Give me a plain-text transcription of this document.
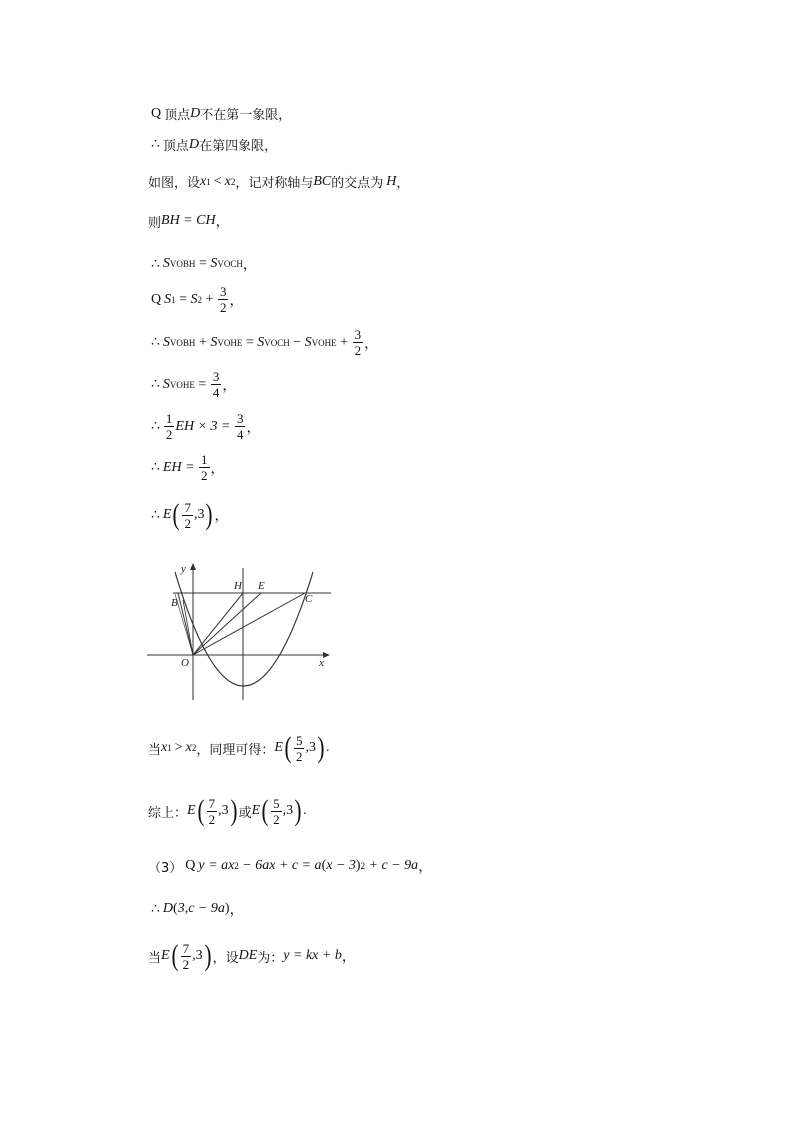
Q 顶点 D 不在第一象限，
∴ 顶点 D 在第四象限，
如图，设 x 1 < x 2 ，记对称轴与 BC 的交点为 H ，
则 BH = CH ，
∴ S VOBH = S VOCH ，
Q S 1 = S $2 + \frac{3}{2}$ ，
∴ S VOBH + S VOHE = S VOCH − S VOHE + $\frac{3}{2}$ ，
∴ S VOHE = $\frac{3}{4}$ ，
∴ $\frac{1}{2}$ EH × $3 = \frac{3}{4}$ ，
∴ EH = $\frac{1}{2}$ ，
∴ E ( $\frac{7}{2} ,3$ ) ，
y
x
O
B
H E
C
当 x 1 > x 2 ，同理可得： E ( $\frac{5}{2} ,3$ ) .
综上： E ( $\frac{7}{2} ,3$ ) 或 E ( $\frac{5}{2} ,3$ ) .
（3） Q y = ax 2 − 6ax + c = a ( x − 3 ) 2 + c − 9a ，
∴ D ( 3,c − 9a ) ，
当 E ( $\frac{7}{2} ,3$ ) ，设 DE 为： y = kx + b ，
